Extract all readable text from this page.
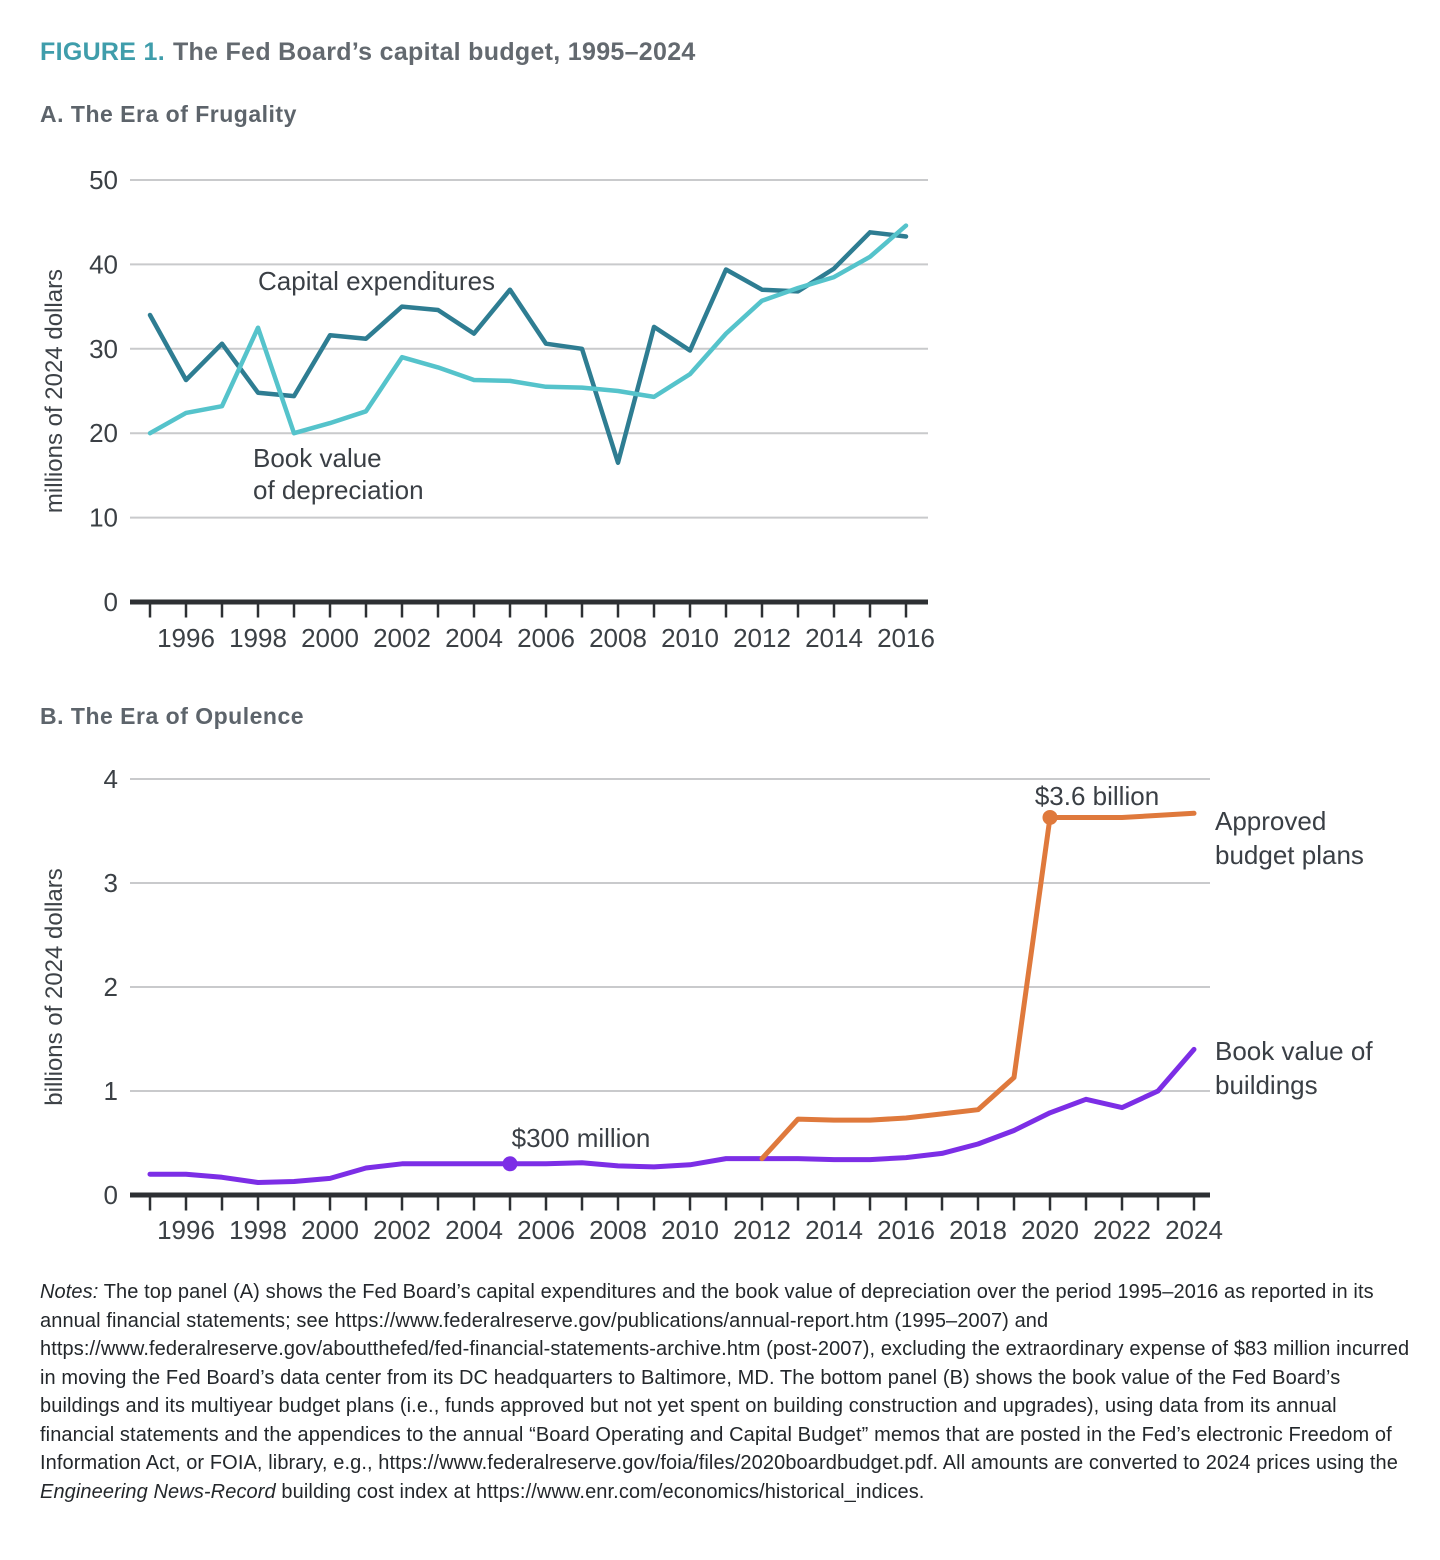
FIGURE 1. The Fed Board’s capital budget, 1995–2024
A. The Era of Frugality
0
10
20
30
40
50
millions of 2024 dollars
1996 1998 2000 2002 2004 2006 2008 2010 2012 2014 2016
Capital expenditures
Book value
of depreciation
B. The Era of Opulence
0
1
2
3
4
billions of 2024 dollars
1996 1998 2000 2002 2004 2006 2008 2010 2012 2014 2016 2018 2020 2022 2024
$300 million
$3.6 billion
Approved
budget plans
Book value of
buildings

Notes: The top panel (A) shows the Fed Board’s capital expenditures and the book value of depreciation over the period 1995–2016 as reported in its annual financial statements; see https://www.federalreserve.gov/publications/annual-report.htm (1995–2007) and https://www.federalreserve.gov/aboutthefed/fed-financial-statements-archive.htm (post-2007), excluding the extraordinary expense of $83 million incurred in moving the Fed Board’s data center from its DC headquarters to Baltimore, MD. The bottom panel (B) shows the book value of the Fed Board’s buildings and its multiyear budget plans (i.e., funds approved but not yet spent on building construction and upgrades), using data from its annual financial statements and the appendices to the annual “Board Operating and Capital Budget” memos that are posted in the Fed’s electronic Freedom of Information Act, or FOIA, library, e.g., https://www.federalreserve.gov/foia/files/2020boardbudget.pdf. All amounts are converted to 2024 prices using the Engineering News-Record building cost index at https://www.enr.com/economics/historical_indices.
